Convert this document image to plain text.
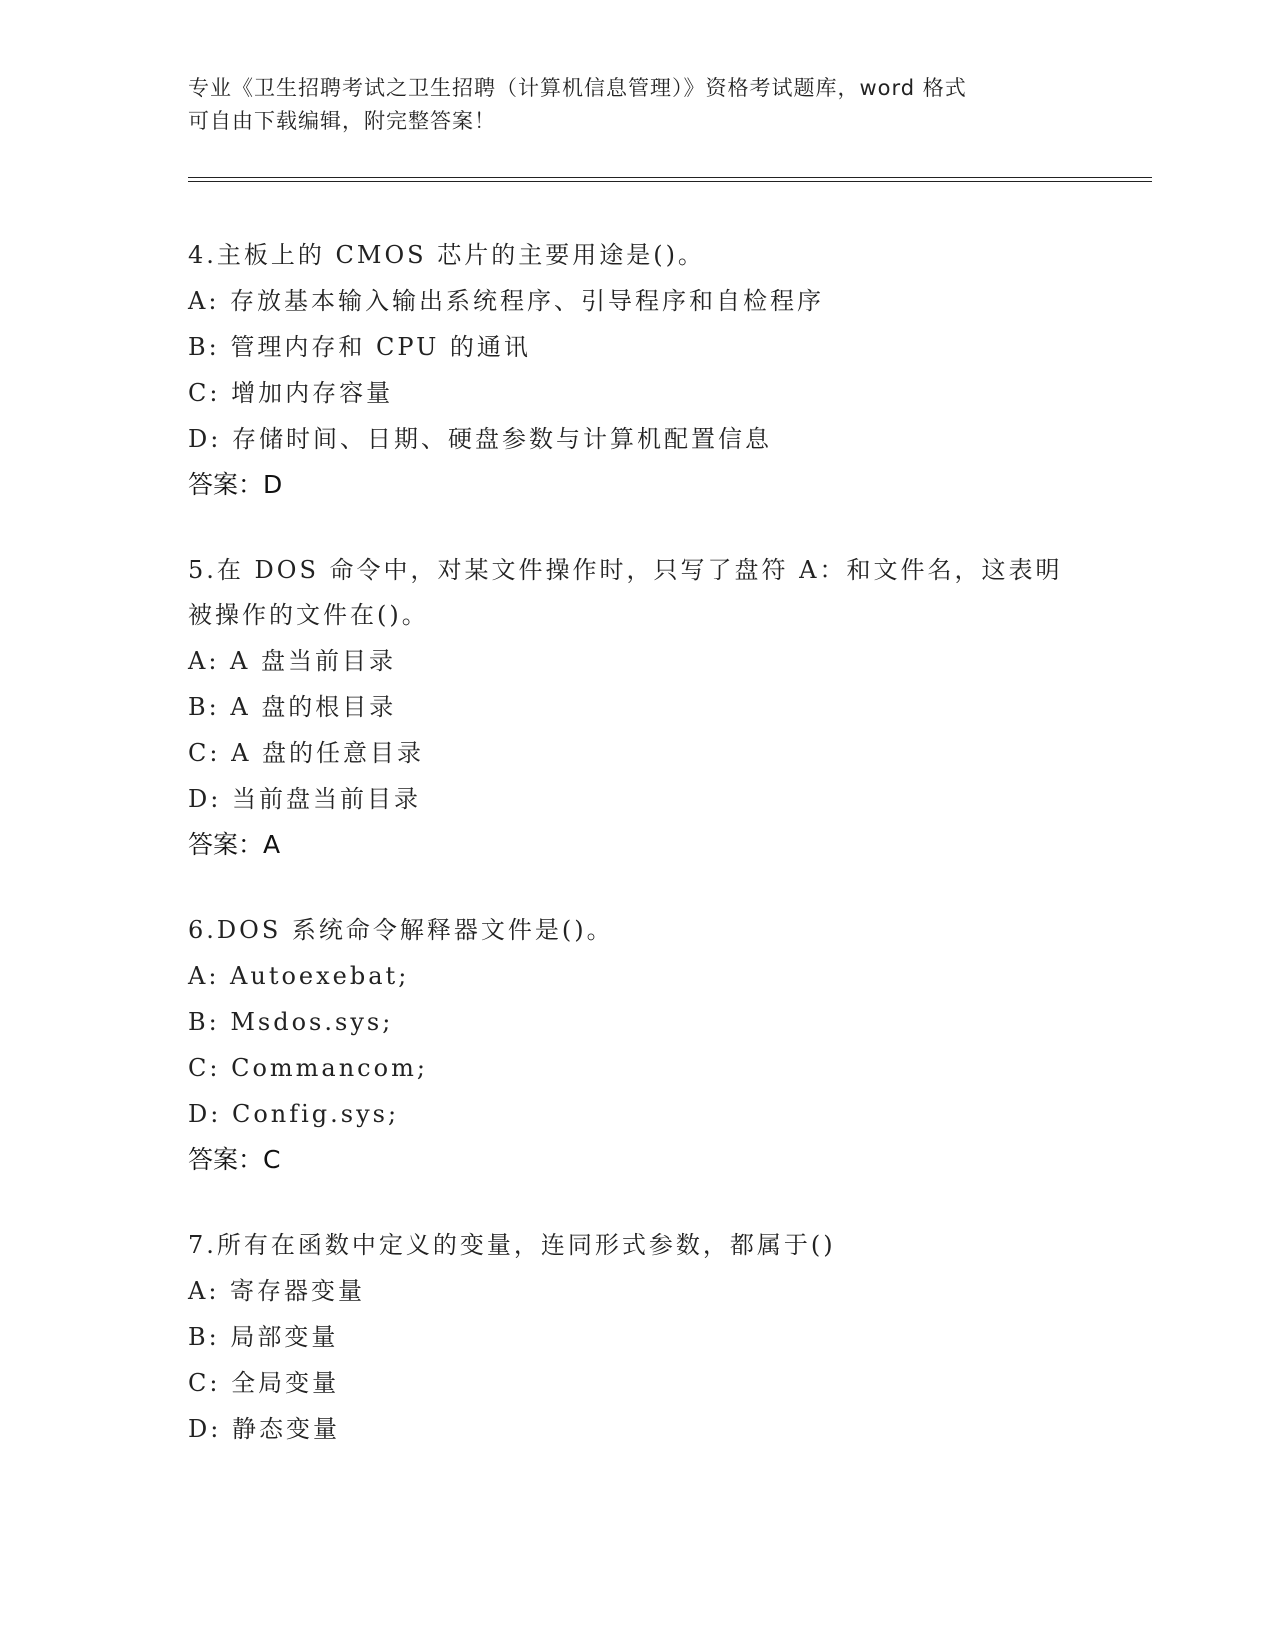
专业《卫生招聘考试之卫生招聘（计算机信息管理）》资格考试题库，word 格式
可自由下载编辑，附完整答案！

4.主板上的 CMOS 芯片的主要用途是()。

A: 存放基本输入输出系统程序、引导程序和自检程序

B: 管理内存和 CPU 的通讯

C: 增加内存容量

D: 存储时间、日期、硬盘参数与计算机配置信息

答案：D

5.在 DOS 命令中，对某文件操作时，只写了盘符 A：和文件名，这表明

被操作的文件在()。

A: A 盘当前目录

B: A 盘的根目录

C: A 盘的任意目录

D: 当前盘当前目录

答案：A

6.DOS 系统命令解释器文件是()。

A: Autoexebat;

B: Msdos.sys;

C: Commancom;

D: Config.sys;

答案：C

7.所有在函数中定义的变量，连同形式参数，都属于()

A: 寄存器变量

B: 局部变量

C: 全局变量

D: 静态变量
